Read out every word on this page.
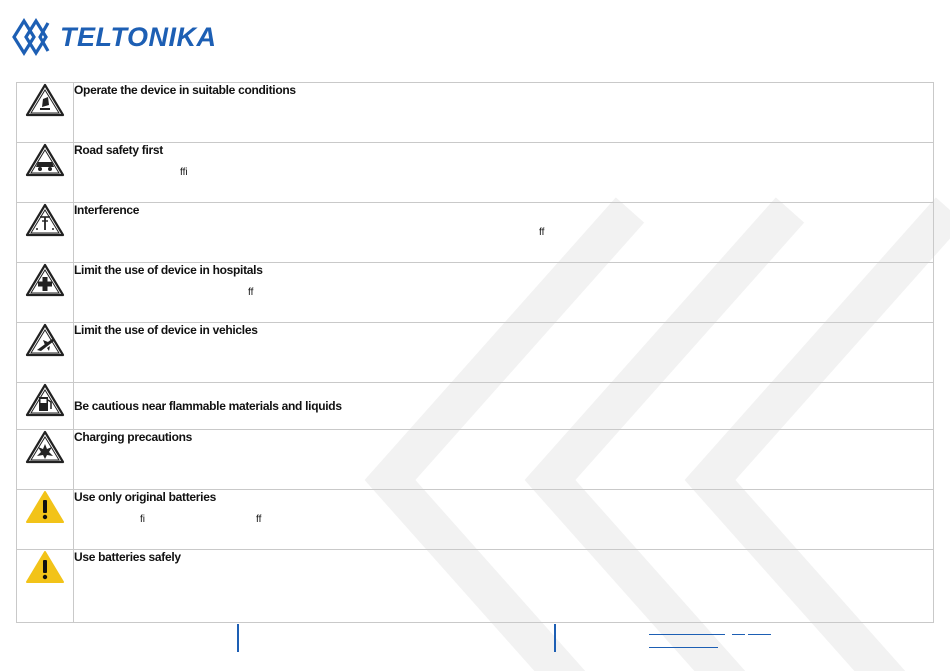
TELTONIKA

Operate the device in suitable conditions

Road safety first
ffi

Interference
ff

Limit the use of device in hospitals
ff

Limit the use of device in vehicles

Be cautious near flammable materials and liquids

Charging precautions

Use only original batteries
fi ff

Use batteries safely
